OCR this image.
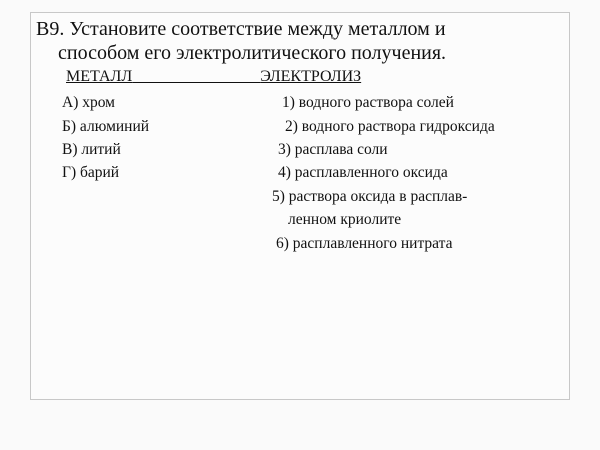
В9. Установите соответствие между металлом и
способом его электролитического получения.
МЕТАЛЛ	ЭЛЕКТРОЛИЗ
А) хром
Б) алюминий
В) литий
Г) барий
1) водного раствора солей
2) водного раствора гидроксида
3) расплава соли
4) расплавленного оксида
5) раствора оксида в расплав-
ленном криолите
6) расплавленного нитрата
